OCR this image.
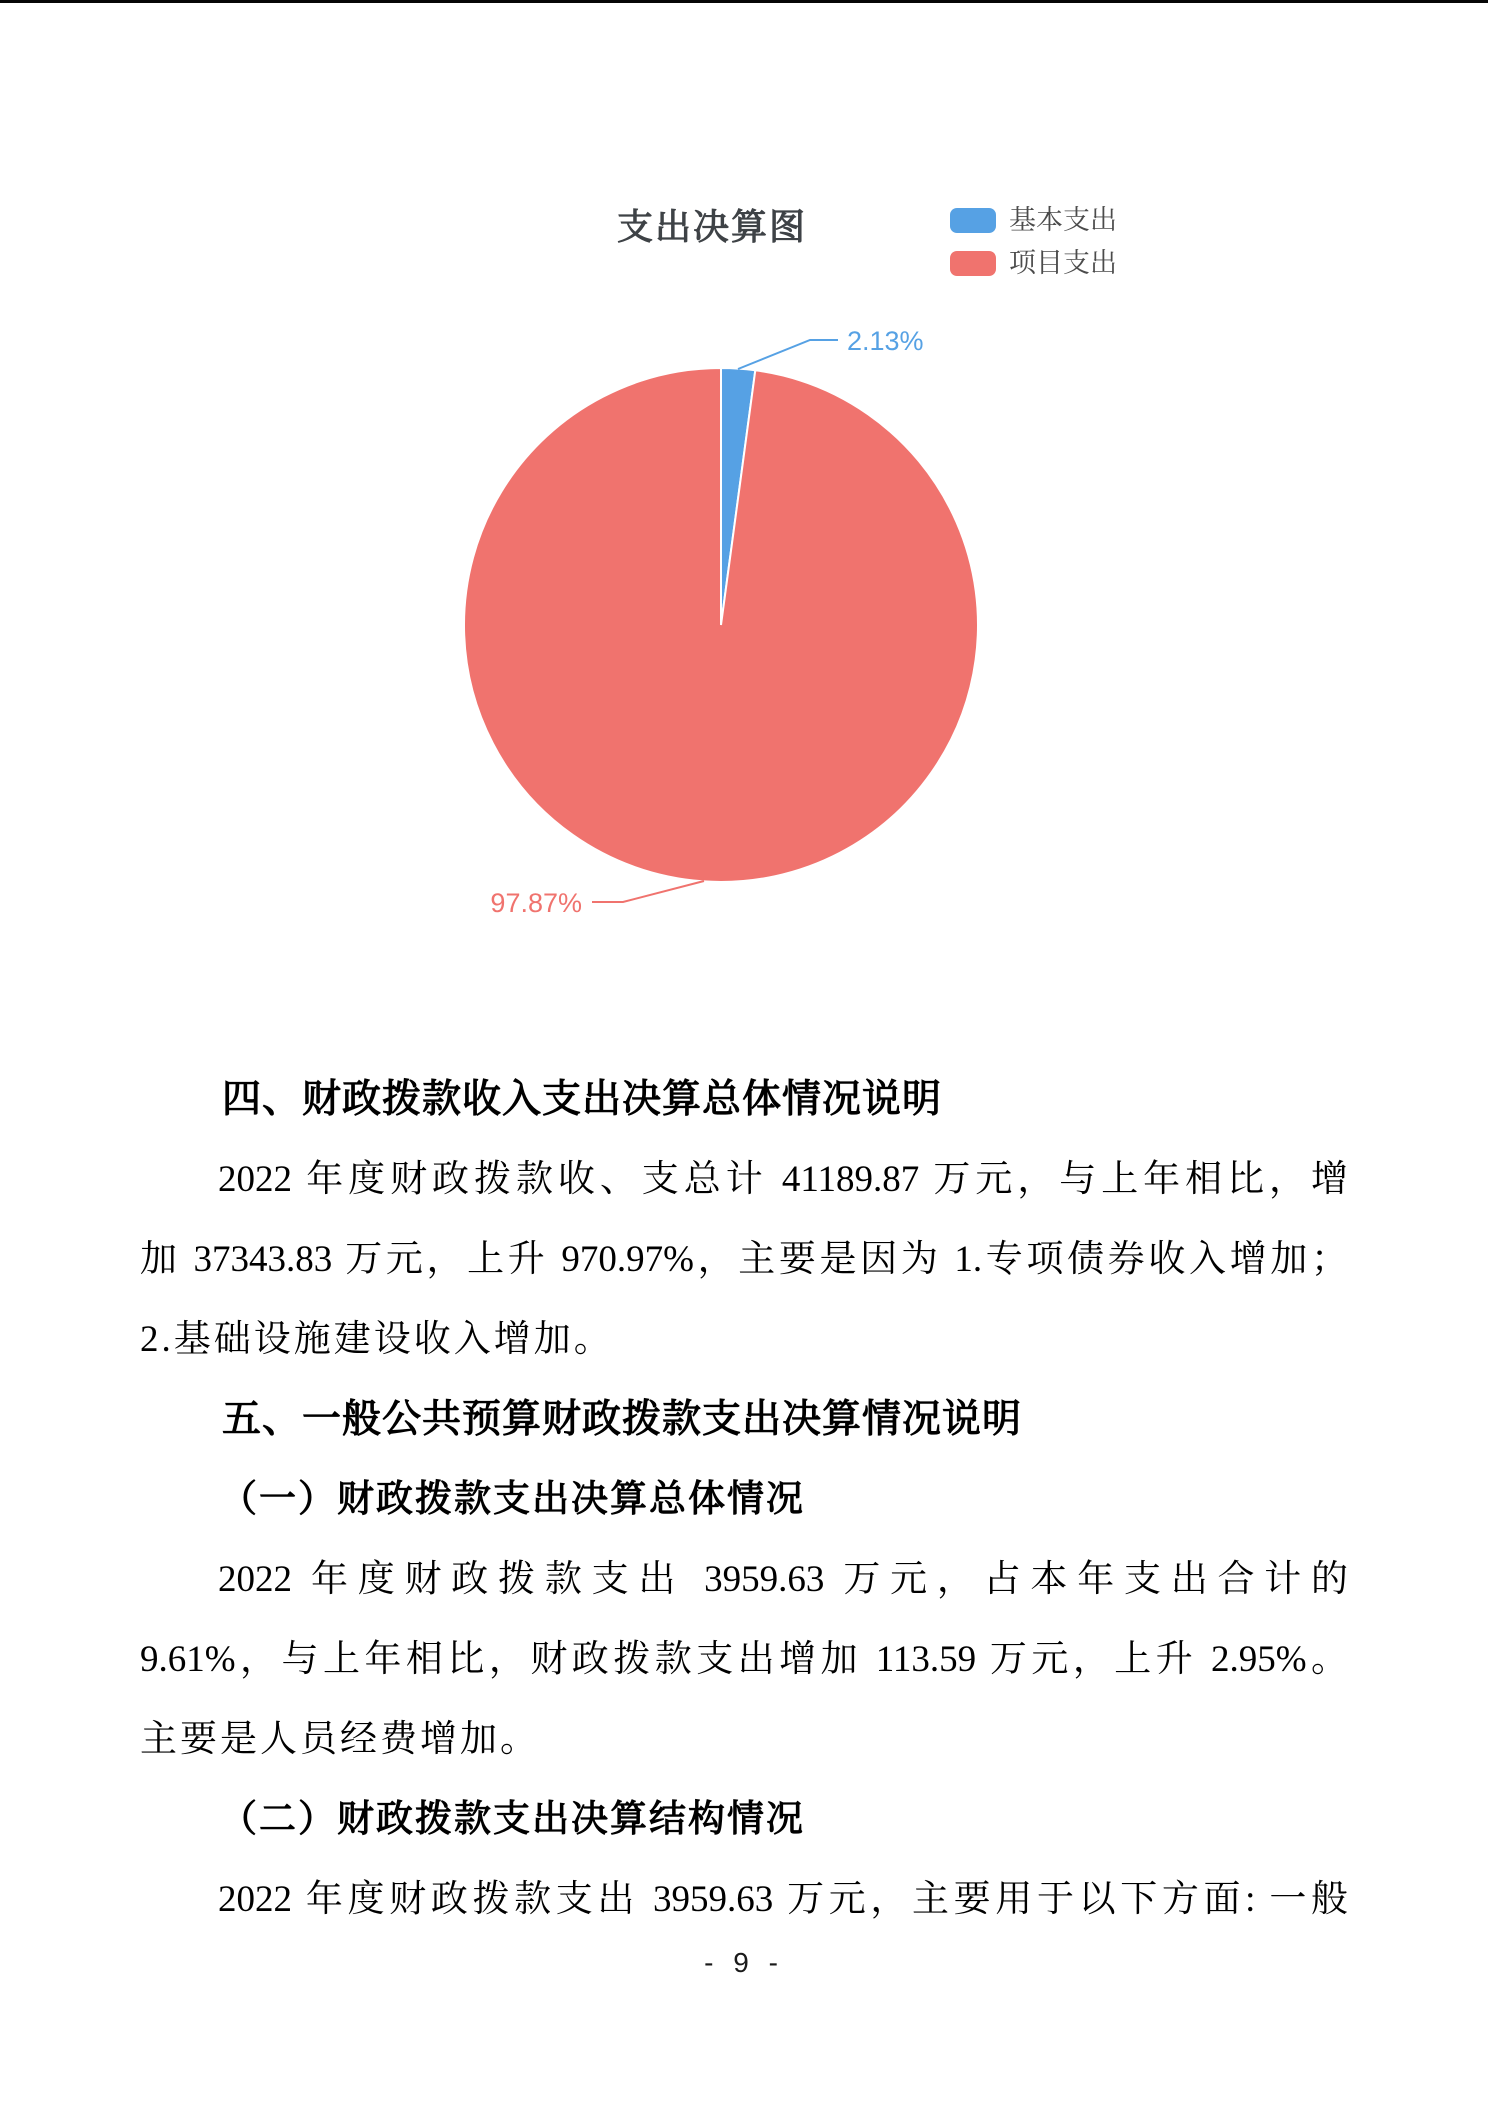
支出决算图	基本支出
项目支出
2.13%
97.87%
四、财政拨款收入支出决算总体情况说明
2022 年度财政拨款收、支总计 41189.87 万元，与上年相比，增
加 37343.83 万元，上升 970.97%，主要是因为 1.专项债券收入增加；
2.基础设施建设收入增加。
五、一般公共预算财政拨款支出决算情况说明
（一）财政拨款支出决算总体情况
2022 年度财政拨款支出 3959.63 万元，占本年支出合计的
9.61%，与上年相比，财政拨款支出增加 113.59 万元，上升 2.95%。
主要是人员经费增加。
（二）财政拨款支出决算结构情况
2022 年度财政拨款支出 3959.63 万元，主要用于以下方面: 一般
- 9 -
